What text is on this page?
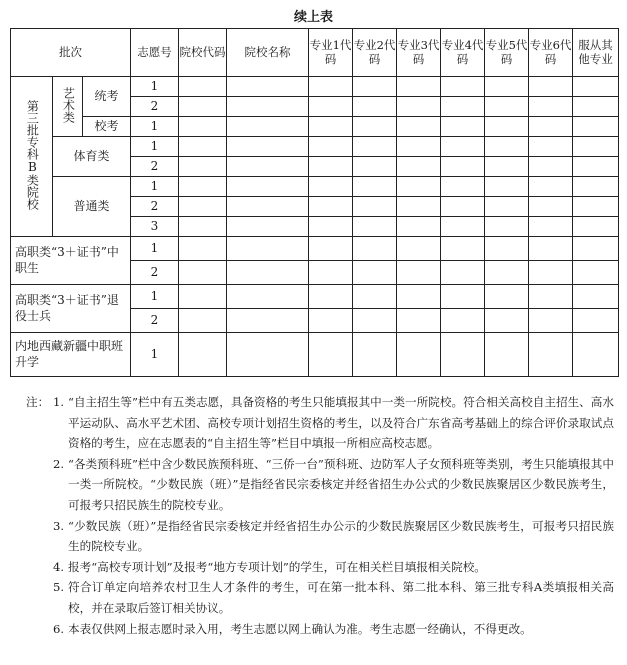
续上表
批次			志愿号	院校代码	院校名称	专业1代码	专业2代码	专业3代码	专业4代码	专业5代码	专业6代码	服从其他专业
第三批专科B类院校	艺术类	统考	1									
			2									
		校考	1									
	体育类		1									
			2									
	普通类		1									
			2									
			3									
高职类“3＋证书”中职生			1									
			2									
高职类“3＋证书”退役士兵			1									
			2									
内地西藏新疆中职班升学			1									
注： 1. “自主招生等”栏中有五类志愿，具备资格的考生只能填报其中一类一所院校。符合相关高校自主招生、高水平运动队、高水平艺术团、高校专项计划招生资格的考生，以及符合广东省高考基础上的综合评价录取试点资格的考生，应在志愿表的“自主招生等”栏目中填报一所相应高校志愿。
2. “各类预科班”栏中含少数民族预科班、“三侨一台”预科班、边防军人子女预科班等类别，考生只能填报其中一类一所院校。“少数民族（班）”是指经省民宗委核定并经省招生办公式的少数民族聚居区少数民族考生，可报考只招民族生的院校专业。
3. “少数民族（班）”是指经省民宗委核定并经省招生办公示的少数民族聚居区少数民族考生，可报考只招民族生的院校专业。
4. 报考“高校专项计划”及报考“地方专项计划”的学生，可在相关栏目填报相关院校。
5. 符合订单定向培养农村卫生人才条件的考生，可在第一批本科、第二批本科、第三批专科A类填报相关高校，并在录取后签订相关协议。
6. 本表仅供网上报志愿时录入用，考生志愿以网上确认为准。考生志愿一经确认，不得更改。
